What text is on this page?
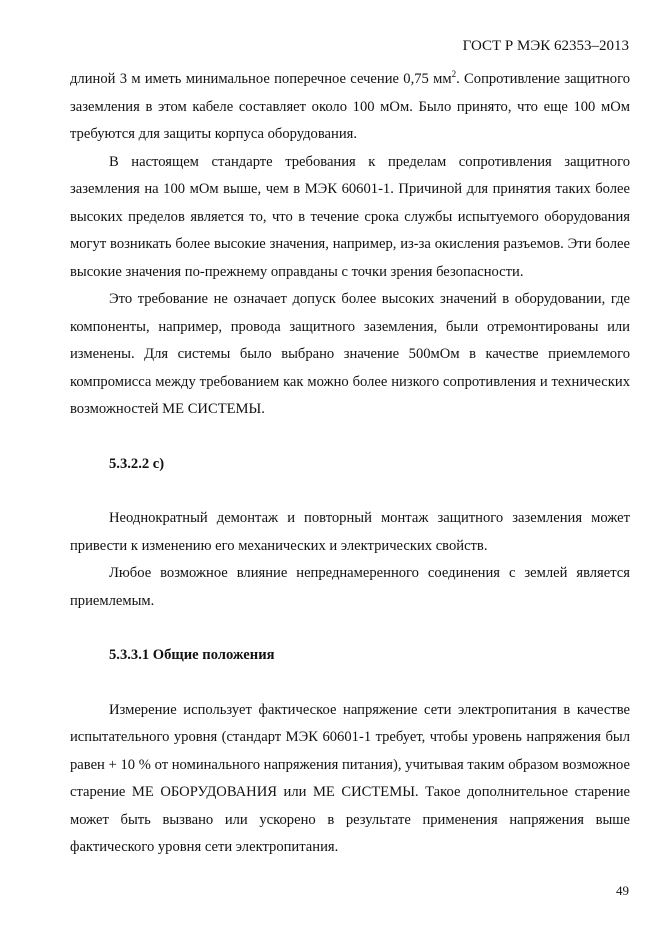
ГОСТ Р МЭК 62353–2013

длиной 3 м иметь минимальное поперечное сечение 0,75 $мм^2$. Сопротивление защитного заземления в этом кабеле составляет около 100 мОм. Было принято, что еще 100 мОм требуются для защиты корпуса оборудования.

В настоящем стандарте требования к пределам сопротивления защитного заземления на 100 мОм выше, чем в МЭК 60601-1. Причиной для принятия таких более высоких пределов является то, что в течение срока службы испытуемого оборудования могут возникать более высокие значения, например, из-за окисления разъемов. Эти более высокие значения по-прежнему оправданы с точки зрения безопасности.

Это требование не означает допуск более высоких значений в оборудовании, где компоненты, например, провода защитного заземления, были отремонтированы или изменены. Для системы было выбрано значение 500мОм в качестве приемлемого компромисса между требованием как можно более низкого сопротивления и технических возможностей МЕ СИСТЕМЫ.

5.3.2.2 с)

Неоднократный демонтаж и повторный монтаж защитного заземления может привести к изменению его механических и электрических свойств.

Любое возможное влияние непреднамеренного соединения с землей является приемлемым.

5.3.3.1 Общие положения

Измерение использует фактическое напряжение сети электропитания в качестве испытательного уровня (стандарт МЭК 60601-1 требует, чтобы уровень напряжения был равен + 10 % от номинального напряжения питания), учитывая таким образом возможное старение МЕ ОБОРУДОВАНИЯ или МЕ СИСТЕМЫ. Такое дополнительное старение может быть вызвано или ускорено в результате применения напряжения выше фактического уровня сети электропитания.

49
